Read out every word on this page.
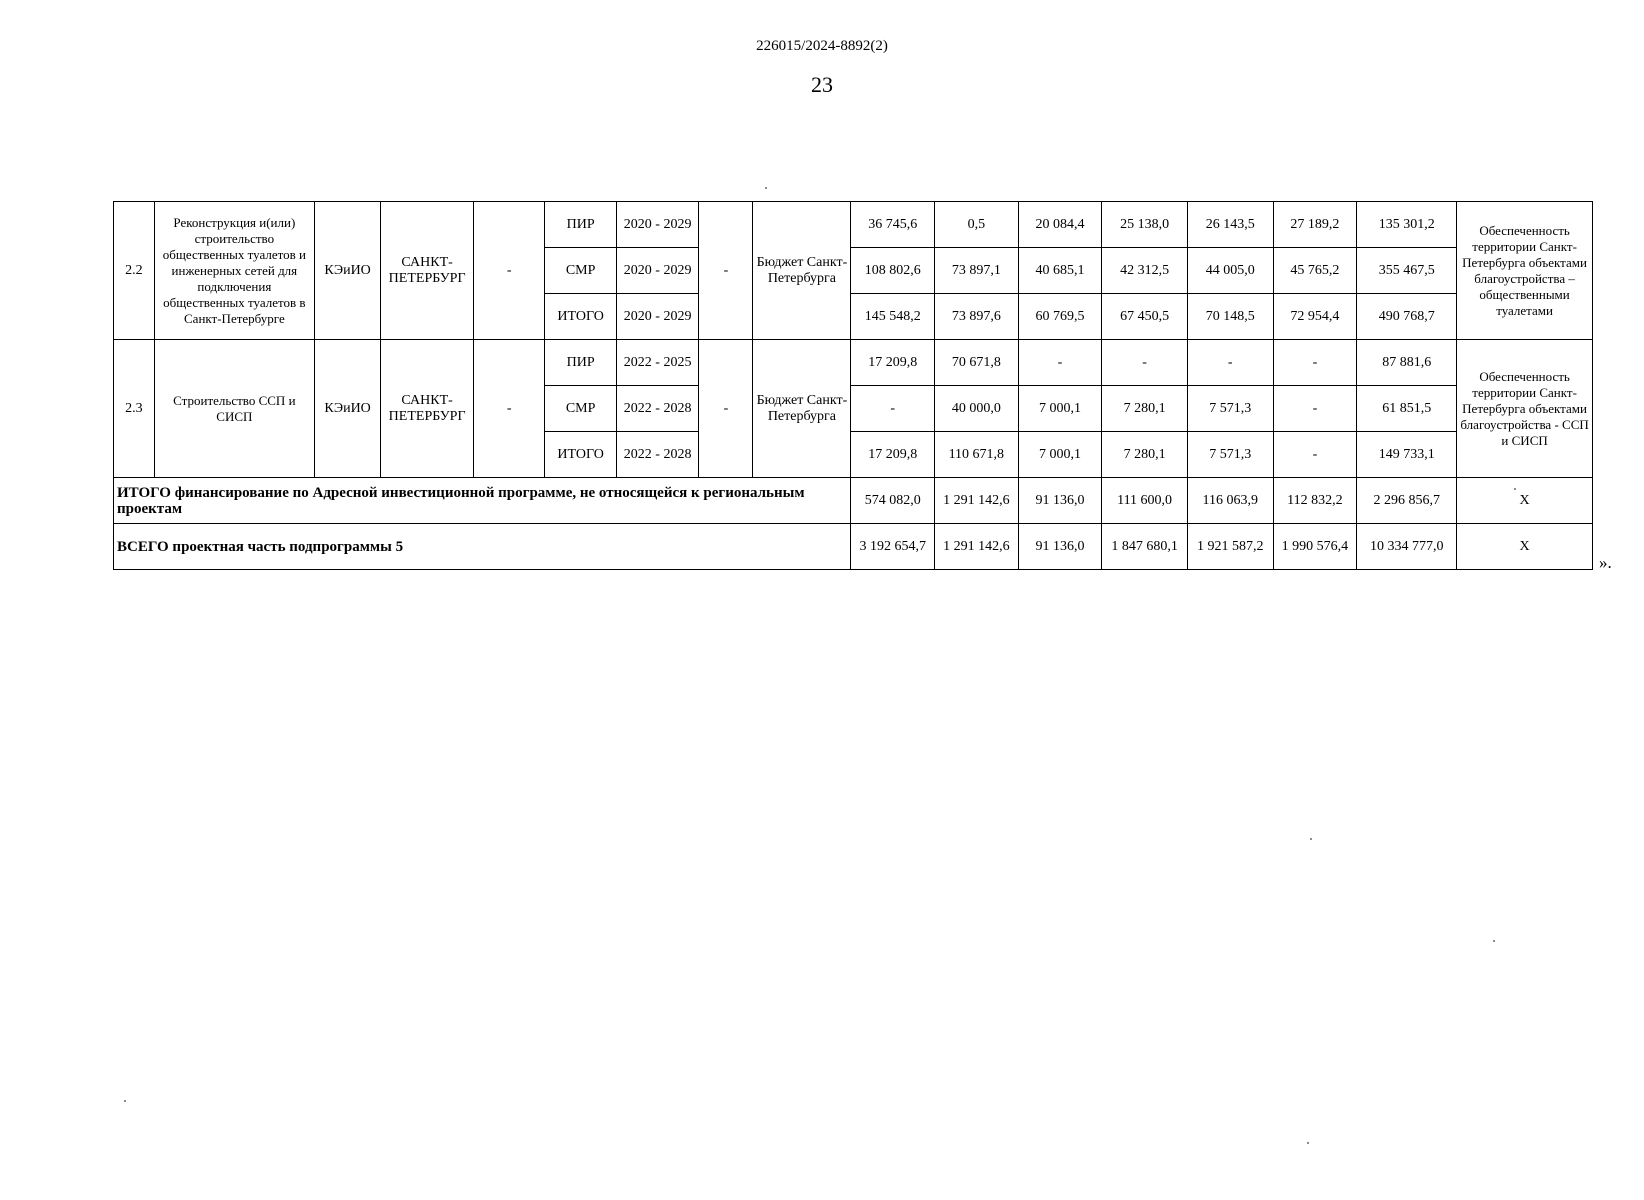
226015/2024-8892(2)
23
2.2	Реконструкция и(или) строительство общественных туалетов и инженерных сетей для подключения общественных туалетов в Санкт-Петербурге	КЭиИО	САНКТ-ПЕТЕРБУРГ	-	ПИР	2020 - 2029	-	Бюджет Санкт-Петербурга	36 745,6	0,5	20 084,4	25 138,0	26 143,5	27 189,2	135 301,2	Обеспеченность территории Санкт-Петербурга объектами благоустройства – общественными туалетами
					СМР	2020 - 2029			108 802,6	73 897,1	40 685,1	42 312,5	44 005,0	45 765,2	355 467,5	
					ИТОГО	2020 - 2029			145 548,2	73 897,6	60 769,5	67 450,5	70 148,5	72 954,4	490 768,7	
2.3	Строительство ССП и СИСП	КЭиИО	САНКТ-ПЕТЕРБУРГ	-	ПИР	2022 - 2025	-	Бюджет Санкт-Петербурга	17 209,8	70 671,8	-	-	-	-	87 881,6	Обеспеченность территории Санкт-Петербурга объектами благоустройства - ССП и СИСП
					СМР	2022 - 2028			-	40 000,0	7 000,1	7 280,1	7 571,3	-	61 851,5	
					ИТОГО	2022 - 2028			17 209,8	110 671,8	7 000,1	7 280,1	7 571,3	-	149 733,1	
ИТОГО финансирование по Адресной инвестиционной программе, не относящейся к региональным проектам									574 082,0	1 291 142,6	91 136,0	111 600,0	116 063,9	112 832,2	2 296 856,7	Х
ВСЕГО проектная часть подпрограммы 5									3 192 654,7	1 291 142,6	91 136,0	1 847 680,1	1 921 587,2	1 990 576,4	10 334 777,0	Х
».
